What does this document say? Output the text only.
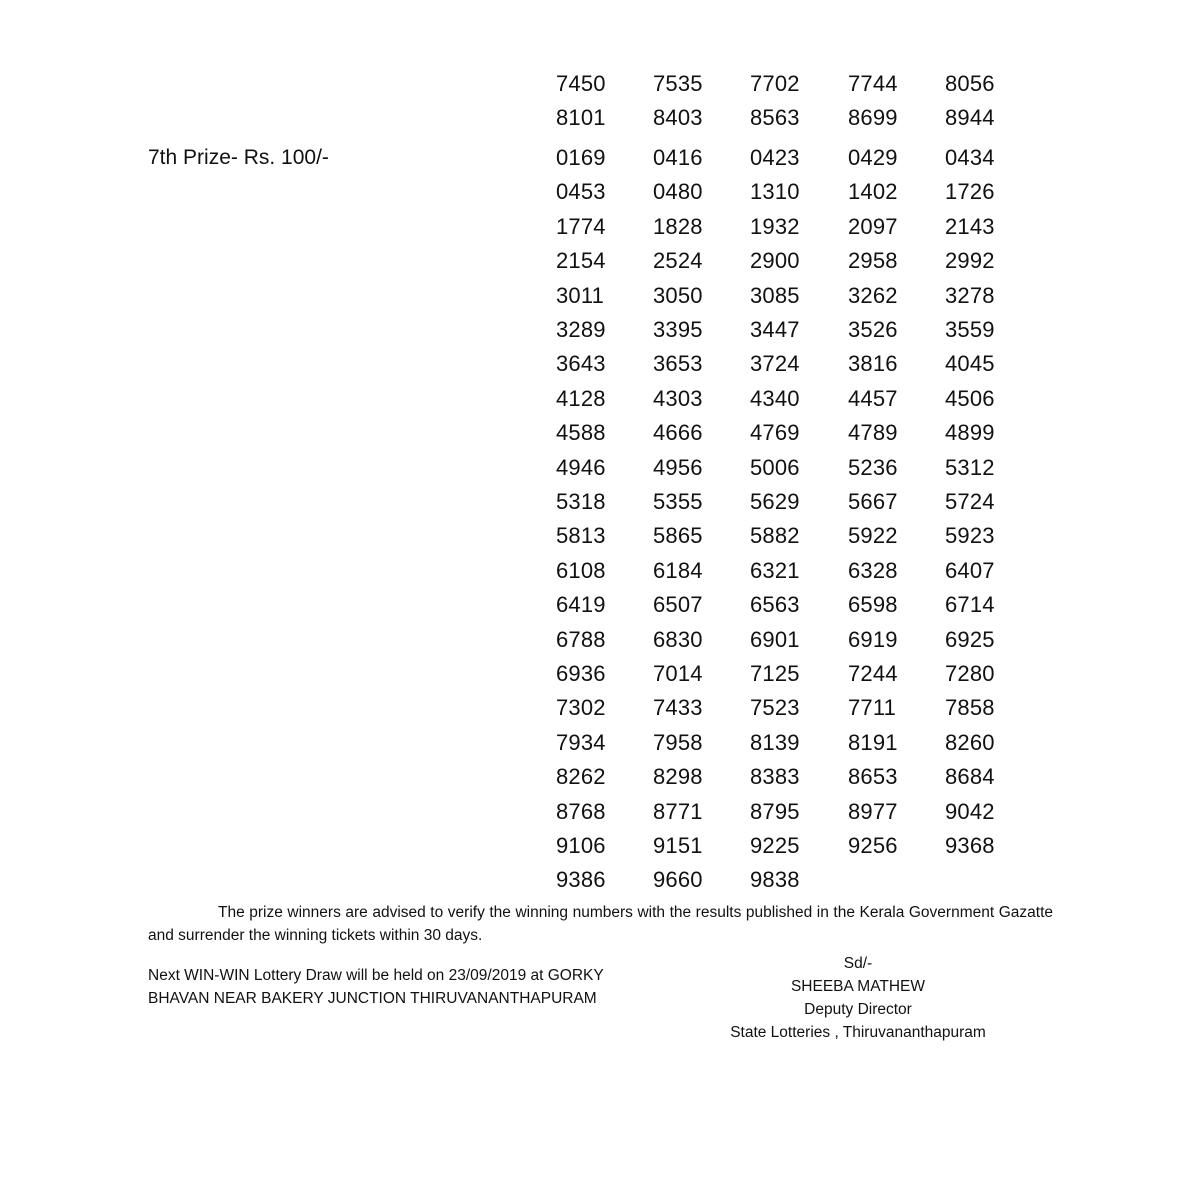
7450	7535	7702	7744	8056
8101	8403	8563	8699	8944
7th Prize- Rs. 100/-	0169	0416	0423	0429	0434
0453	0480	1310	1402	1726
1774	1828	1932	2097	2143
2154	2524	2900	2958	2992
3011	3050	3085	3262	3278
3289	3395	3447	3526	3559
3643	3653	3724	3816	4045
4128	4303	4340	4457	4506
4588	4666	4769	4789	4899
4946	4956	5006	5236	5312
5318	5355	5629	5667	5724
5813	5865	5882	5922	5923
6108	6184	6321	6328	6407
6419	6507	6563	6598	6714
6788	6830	6901	6919	6925
6936	7014	7125	7244	7280
7302	7433	7523	7711	7858
7934	7958	8139	8191	8260
8262	8298	8383	8653	8684
8768	8771	8795	8977	9042
9106	9151	9225	9256	9368
9386	9660	9838
The prize winners are advised to verify the winning numbers with the results published in the Kerala Government Gazatte and surrender the winning tickets within 30 days.
Next WIN-WIN Lottery Draw will be held on 23/09/2019 at GORKY
BHAVAN NEAR BAKERY JUNCTION THIRUVANANTHAPURAM
Sd/-
SHEEBA MATHEW
Deputy Director
State Lotteries , Thiruvananthapuram
